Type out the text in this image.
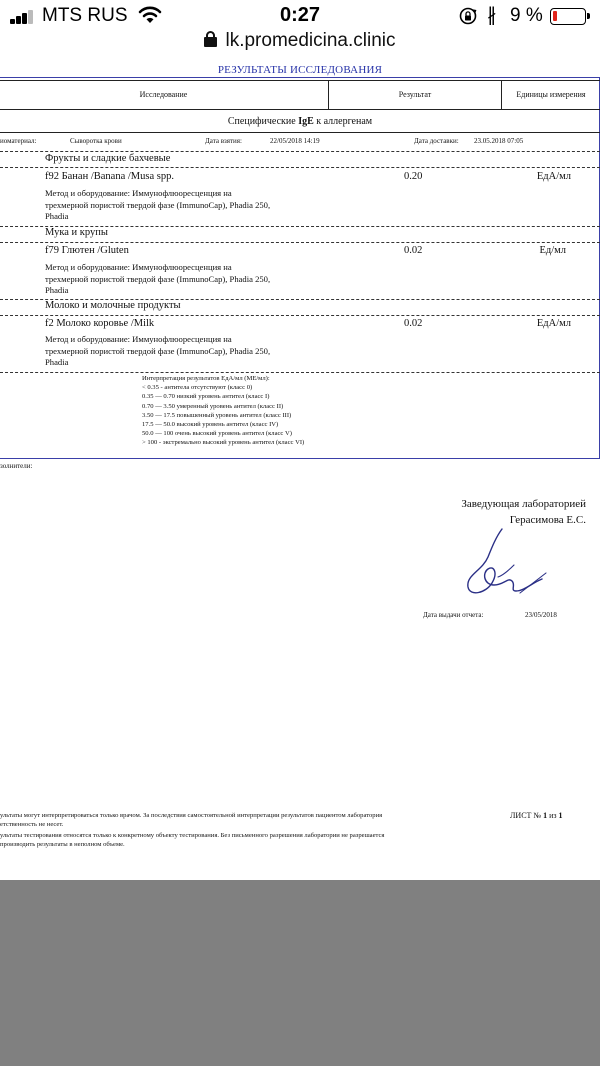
MTS RUS	0:27	∦ 9 %
lk.promedicina.clinic
РЕЗУЛЬТАТЫ ИССЛЕДОВАНИЯ
Исследование	Результат	Единицы измерения
Специфические IgE к аллергенам
иоматериал:	Сыворотка крови	Дата взятия:	22/05/2018 14:19	Дата доставки: 23.05.2018 07:05
Фрукты и сладкие бахчевые
f92 Банан /Banana /Musa spp.	0.20	ЕдА/мл
Метод и оборудование: Иммунофлюоресценция на
трехмерной пористой твердой фазе (ImmunoCap), Phadia 250,
Phadia
Мука и крупы
f79 Глютен /Gluten	0.02	Ед/мл
Метод и оборудование: Иммунофлюоресценция на
трехмерной пористой твердой фазе (ImmunoCap), Phadia 250,
Phadia
Молоко и молочные продукты
f2 Молоко коровье /Milk	0.02	ЕдА/мл
Метод и оборудование: Иммунофлюоресценция на
трехмерной пористой твердой фазе (ImmunoCap), Phadia 250,
Phadia
Интерпретация результатов ЕдА/мл (МЕ/мл):
< 0.35 - антитела отсутствуют (класс 0)
0.35 — 0.70 низкий уровень антител (класс I)
0.70 — 3.50 умеренный уровень антител (класс II)
3.50 — 17.5 повышенный уровень антител (класс III)
17.5 — 50.0 высокий уровень антител (класс IV)
50.0 — 100 очень высокий уровень антител (класс V)
> 100 - экстремально высокий уровень антител (класс VI)
золнители:
Заведующая лабораторией
Герасимова Е.С.
Дата выдачи отчета:	23/05/2018
ультаты могут интерпретироваться только врачом. За последствия самостоятельной интерпретации результатов пациентом лаборатория
етственность не несет.
ультаты тестирования относятся только к конкретному объекту тестирования. Без письменного разрешения лаборатории не разрешается
производить результаты в неполном объеме.
ЛИСТ № 1 из 1
